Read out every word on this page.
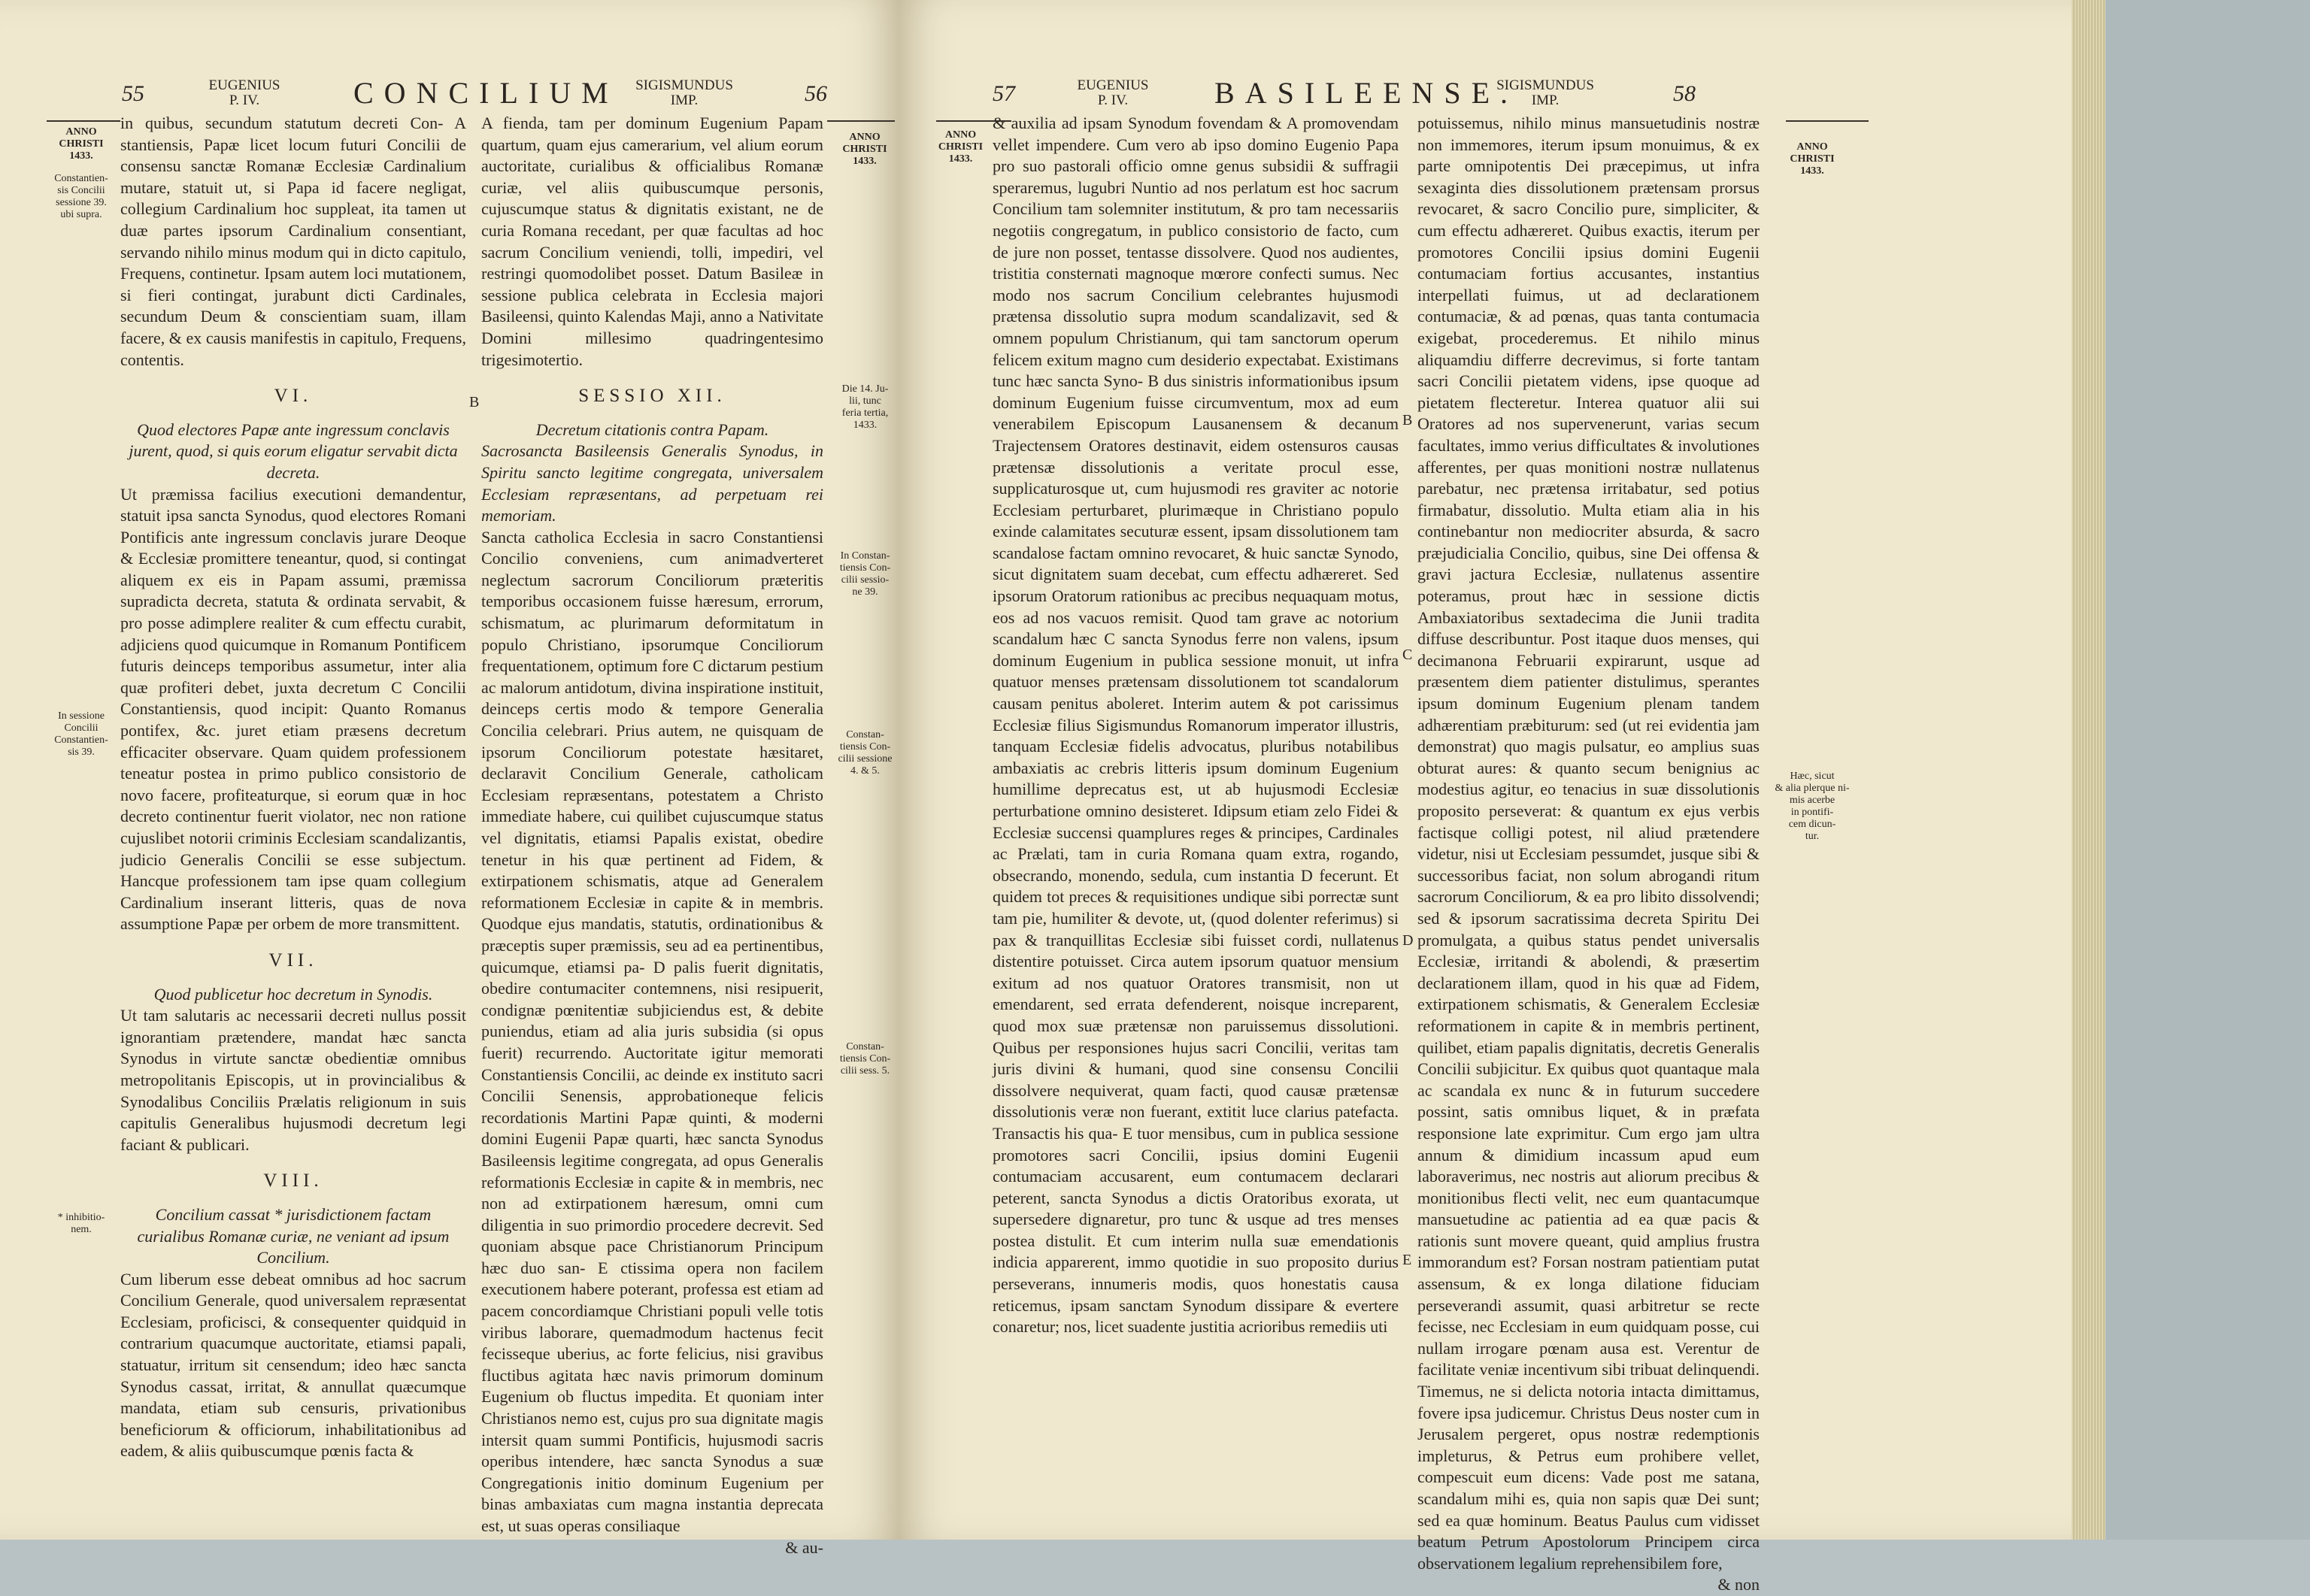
55	EUGENIUS
P. IV.	CONCILIUM SIGISMUNDUS
IMP.	56
ANNO
CHRISTI
1433.
Constantien-
sis Concilii
sessione 39.
ubi supra.
In sessione
Concilii
Constantien-
sis 39.
* inhibitio-
nem.

in quibus, secundum statutum decreti Con- A stantiensis, Papæ licet locum futuri Concilii de consensu sanctæ Romanæ Ecclesiæ Cardinalium mutare, statuit ut, si Papa id facere negligat, collegium Cardinalium hoc suppleat, ita tamen ut duæ partes ipsorum Cardinalium consentiant, servando nihilo minus modum qui in dicto capitulo, Frequens, continetur. Ipsam autem loci mutationem, si fieri contingat, jurabunt dicti Cardinales, secundum Deum & conscientiam suam, illam facere, & ex causis manifestis in capitulo, Frequens, contentis.

VI.

Quod electores Papæ ante ingressum conclavis jurent, quod, si quis eorum eligatur servabit dicta decreta.

Ut præmissa facilius executioni demandentur, statuit ipsa sancta Synodus, quod electores Romani Pontificis ante ingressum conclavis jurare Deoque & Ecclesiæ promittere teneantur, quod, si contingat aliquem ex eis in Papam assumi, præmissa supradicta decreta, statuta & ordinata servabit, & pro posse adimplere realiter & cum effectu curabit, adjiciens quod quicumque in Romanum Pontificem futuris deinceps temporibus assumetur, inter alia quæ profiteri debet, juxta decretum C Concilii Constantiensis, quod incipit: Quanto Romanus pontifex, &c. juret etiam præsens decretum efficaciter observare. Quam quidem professionem teneatur postea in primo publico consistorio de novo facere, profiteaturque, si eorum quæ in hoc decreto continentur fuerit violator, nec non ratione cujuslibet notorii criminis Ecclesiam scandalizantis, judicio Generalis Concilii se esse subjectum. Hancque professionem tam ipse quam collegium Cardinalium inserant litteris, quas de nova assumptione Papæ per orbem de more transmittent.

VII.

Quod publicetur hoc decretum in Synodis.

Ut tam salutaris ac necessarii decreti nullus possit ignorantiam prætendere, mandat hæc sancta Synodus in virtute sanctæ obedientiæ omnibus metropolitanis Episcopis, ut in provincialibus & Synodalibus Conciliis Prælatis religionum in suis capitulis Generalibus hujusmodi decretum legi faciant & publicari.

VIII.

Concilium cassat * jurisdictionem factam curialibus Romanæ curiæ, ne veniant ad ipsum Concilium.

Cum liberum esse debeat omnibus ad hoc sacrum Concilium Generale, quod universalem repræsentat Ecclesiam, proficisci, & consequenter quidquid in contrarium quacumque auctoritate, etiamsi papali, statuatur, irritum sit censendum; ideo hæc sancta Synodus cassat, irritat, & annullat quæcumque mandata, etiam sub censuris, privationibus beneficiorum & officiorum, inhabilitationibus ad eadem, & aliis quibuscumque pœnis facta &

B

A fienda, tam per dominum Eugenium Papam quartum, quam ejus camerarium, vel alium eorum auctoritate, curialibus & officialibus Romanæ curiæ, vel aliis quibuscumque personis, cujuscumque status & dignitatis existant, ne de curia Romana recedant, per quæ facultas ad hoc sacrum Concilium veniendi, tolli, impediri, vel restringi quomodolibet posset. Datum Basileæ in sessione publica celebrata in Ecclesia majori Basileensi, quinto Kalendas Maji, anno a Nativitate Domini millesimo quadringentesimo trigesimotertio.

SESSIO XII.

Decretum citationis contra Papam.

Sacrosancta Basileensis Generalis Synodus, in Spiritu sancto legitime congregata, universalem Ecclesiam repræsentans, ad perpetuam rei memoriam.

Sancta catholica Ecclesia in sacro Constantiensi Concilio conveniens, cum animadverteret neglectum sacrorum Conciliorum præteritis temporibus occasionem fuisse hæresum, errorum, schismatum, ac plurimarum deformitatum in populo Christiano, ipsorumque Conciliorum frequentationem, optimum fore C dictarum pestium ac malorum antidotum, divina inspiratione instituit, deinceps certis modo & tempore Generalia Concilia celebrari. Prius autem, ne quisquam de ipsorum Conciliorum potestate hæsitaret, declaravit Concilium Generale, catholicam Ecclesiam repræsentans, potestatem a Christo immediate habere, cui quilibet cujuscumque status vel dignitatis, etiamsi Papalis existat, obedire tenetur in his quæ pertinent ad Fidem, & extirpationem schismatis, atque ad Generalem reformationem Ecclesiæ in capite & in membris. Quodque ejus mandatis, statutis, ordinationibus & præceptis super præmissis, seu ad ea pertinentibus, quicumque, etiamsi pa- D palis fuerit dignitatis, obedire contumaciter contemnens, nisi resipuerit, condignæ pœnitentiæ subjiciendus est, & debite puniendus, etiam ad alia juris subsidia (si opus fuerit) recurrendo. Auctoritate igitur memorati Constantiensis Concilii, ac deinde ex instituto sacri Concilii Senensis, approbationeque felicis recordationis Martini Papæ quinti, & moderni domini Eugenii Papæ quarti, hæc sancta Synodus Basileensis legitime congregata, ad opus Generalis reformationis Ecclesiæ in capite & in membris, nec non ad extirpationem hæresum, omni cum diligentia in suo primordio procedere decrevit. Sed quoniam absque pace Christianorum Principum hæc duo san- E ctissima opera non facilem executionem habere poterant, professa est etiam ad pacem concordiamque Christiani populi velle totis viribus laborare, quemadmodum hactenus fecit fecisseque uberius, ac forte felicius, nisi gravibus fluctibus agitata hæc navis primorum dominum Eugenium ob fluctus impedita. Et quoniam inter Christianos nemo est, cujus pro sua dignitate magis intersit quam summi Pontificis, hujusmodi sacris operibus intendere, hæc sancta Synodus a suæ Congregationis initio dominum Eugenium per binas ambaxiatas cum magna instantia deprecata est, ut suas operas consiliaque

& au-

ANNO
CHRISTI
1433.
Die 14. Ju-
lii, tunc
feria tertia,
1433.
In Constan-
tiensis Con-
cilii sessio-
ne 39.
Constan-
tiensis Con-
cilii sessione
4. & 5.
Constan-
tiensis Con-
cilii sess. 5.
57	EUGENIUS
P. IV.	BASILEENSE.
SIGISMUNDUS
IMP.	58
ANNO
CHRISTI
1433.

& auxilia ad ipsam Synodum fovendam & A promovendam vellet impendere. Cum vero ab ipso domino Eugenio Papa pro suo pastorali officio omne genus subsidii & suffragii speraremus, lugubri Nuntio ad nos perlatum est hoc sacrum Concilium tam solemniter institutum, & pro tam necessariis negotiis congregatum, in publico consistorio de facto, cum de jure non posset, tentasse dissolvere. Quod nos audientes, tristitia consternati magnoque mœrore confecti sumus. Nec modo nos sacrum Concilium celebrantes hujusmodi prætensa dissolutio supra modum scandalizavit, sed & omnem populum Christianum, qui tam sanctorum operum felicem exitum magno cum desiderio expectabat. Existimans tunc hæc sancta Syno- B dus sinistris informationibus ipsum dominum Eugenium fuisse circumventum, mox ad eum venerabilem Episcopum Lausanensem & decanum Trajectensem Oratores destinavit, eidem ostensuros causas prætensæ dissolutionis a veritate procul esse, supplicaturosque ut, cum hujusmodi res graviter ac notorie Ecclesiam perturbaret, plurimæque in Christiano populo exinde calamitates secuturæ essent, ipsam dissolutionem tam scandalose factam omnino revocaret, & huic sanctæ Synodo, sicut dignitatem suam decebat, cum effectu adhæreret. Sed ipsorum Oratorum rationibus ac precibus nequaquam motus, eos ad nos vacuos remisit. Quod tam grave ac notorium scandalum hæc C sancta Synodus ferre non valens, ipsum dominum Eugenium in publica sessione monuit, ut infra quatuor menses prætensam dissolutionem tot scandalorum causam penitus aboleret. Interim autem & pot carissimus Ecclesiæ filius Sigismundus Romanorum imperator illustris, tanquam Ecclesiæ fidelis advocatus, pluribus notabilibus ambaxiatis ac crebris litteris ipsum dominum Eugenium humillime deprecatus est, ut ab hujusmodi Ecclesiæ perturbatione omnino desisteret. Idipsum etiam zelo Fidei & Ecclesiæ succensi quamplures reges & principes, Cardinales ac Prælati, tam in curia Romana quam extra, rogando, obsecrando, monendo, sedula, cum instantia D fecerunt. Et quidem tot preces & requisitiones undique sibi porrectæ sunt tam pie, humiliter & devote, ut, (quod dolenter referimus) si pax & tranquillitas Ecclesiæ sibi fuisset cordi, nullatenus distentire potuisset. Circa autem ipsorum quatuor mensium exitum ad nos quatuor Oratores transmisit, non ut emendarent, sed errata defenderent, noisque increparent, quod mox suæ prætensæ non paruissemus dissolutioni. Quibus per responsiones hujus sacri Concilii, veritas tam juris divini & humani, quod sine consensu Concilii dissolvere nequiverat, quam facti, quod causæ prætensæ dissolutionis veræ non fuerant, extitit luce clarius patefacta. Transactis his qua- E tuor mensibus, cum in publica sessione promotores sacri Concilii, ipsius domini Eugenii contumaciam accusarent, eum contumacem declarari peterent, sancta Synodus a dictis Oratoribus exorata, ut supersedere dignaretur, pro tunc & usque ad tres menses postea distulit. Et cum interim nulla suæ emendationis indicia apparerent, immo quotidie in suo proposito durius perseverans, innumeris modis, quos honestatis causa reticemus, ipsam sanctam Synodum dissipare & evertere conaretur; nos, licet suadente justitia acrioribus remediis uti

potuissemus, nihilo minus mansuetudinis nostræ non immemores, iterum ipsum monuimus, & ex parte omnipotentis Dei præcepimus, ut infra sexaginta dies dissolutionem prætensam prorsus revocaret, & sacro Concilio pure, simpliciter, & cum effectu adhæreret. Quibus exactis, iterum per promotores Concilii ipsius domini Eugenii contumaciam fortius accusantes, instantius interpellati fuimus, ut ad declarationem contumaciæ, & ad pœnas, quas tanta contumacia exigebat, procederemus. Et nihilo minus aliquamdiu differre decrevimus, si forte tantam sacri Concilii pietatem videns, ipse quoque ad pietatem flecteretur. Interea quatuor alii sui Oratores ad nos supervenerunt, varias secum facultates, immo verius difficultates & involutiones afferentes, per quas monitioni nostræ nullatenus parebatur, nec prætensa irritabatur, sed potius firmabatur, dissolutio. Multa etiam alia in his continebantur non mediocriter absurda, & sacro præjudicialia Concilio, quibus, sine Dei offensa & gravi jactura Ecclesiæ, nullatenus assentire poteramus, prout hæc in sessione dictis Ambaxiatoribus sextadecima die Junii tradita diffuse describuntur. Post itaque duos menses, qui decimanona Februarii expirarunt, usque ad præsentem diem patienter distulimus, sperantes ipsum dominum Eugenium plenam tandem adhærentiam præbiturum: sed (ut rei evidentia jam demonstrat) quo magis pulsatur, eo amplius suas obturat aures: & quanto secum benignius ac modestius agitur, eo tenacius in suæ dissolutionis proposito perseverat: & quantum ex ejus verbis factisque colligi potest, nil aliud prætendere videtur, nisi ut Ecclesiam pessumdet, jusque sibi & successoribus faciat, non solum abrogandi ritum sacrorum Conciliorum, & ea pro libito dissolvendi; sed & ipsorum sacratissima decreta Spiritu Dei promulgata, a quibus status pendet universalis Ecclesiæ, irritandi & abolendi, & præsertim declarationem illam, quod in his quæ ad Fidem, extirpationem schismatis, & Generalem Ecclesiæ reformationem in capite & in membris pertinent, quilibet, etiam papalis dignitatis, decretis Generalis Concilii subjicitur. Ex quibus quot quantaque mala ac scandala ex nunc & in futurum succedere possint, satis omnibus liquet, & in præfata responsione late exprimitur. Cum ergo jam ultra annum & dimidium incassum apud eum laboraverimus, nec nostris aut aliorum precibus & monitionibus flecti velit, nec eum quantacumque mansuetudine ac patientia ad ea quæ pacis & rationis sunt movere queant, quid amplius frustra immorandum est? Forsan nostram patientiam putat assensum, & ex longa dilatione fiduciam perseverandi assumit, quasi arbitretur se recte fecisse, nec Ecclesiam in eum quidquam posse, cui nullam irrogare pœnam ausa est. Verentur de facilitate veniæ incentivum sibi tribuat delinquendi. Timemus, ne si delicta notoria intacta dimittamus, fovere ipsa judicemur. Christus Deus noster cum in Jerusalem pergeret, opus nostræ redemptionis impleturus, & Petrus eum prohibere vellet, compescuit eum dicens: Vade post me satana, scandalum mihi es, quia non sapis quæ Dei sunt; sed ea quæ hominum. Beatus Paulus cum vidisset beatum Petrum Apostolorum Principem circa observationem legalium reprehensibilem fore,

& non

B
C
D
E
ANNO
CHRISTI
1433.
Hæc, sicut
& alia plerque ni-
mis acerbe
in pontifi-
cem dicun-
tur.
